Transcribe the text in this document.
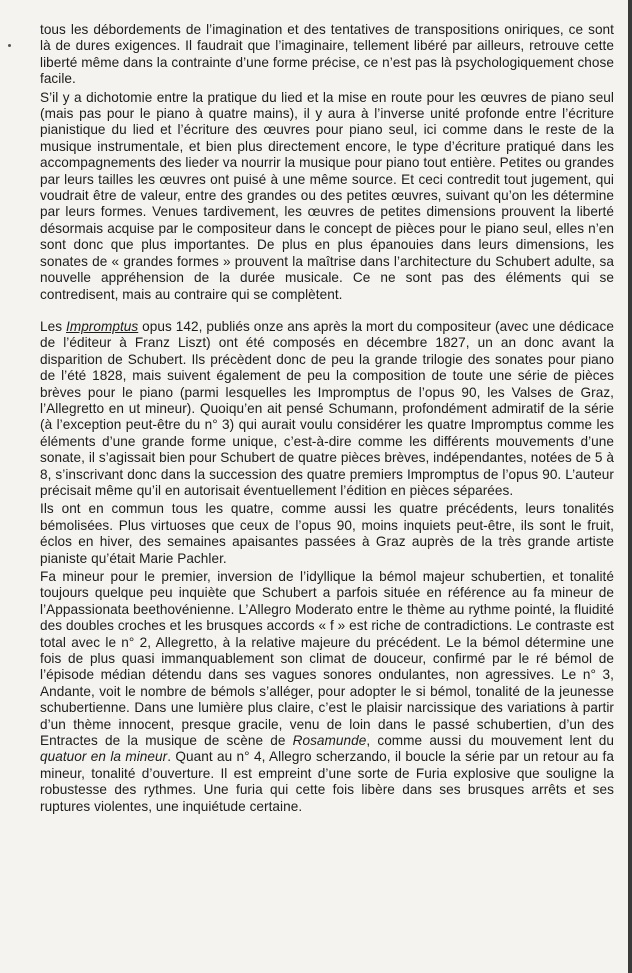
tous les débordements de l’imagination et des tentatives de transpositions oniriques, ce sont là de dures exigences. Il faudrait que l’imaginaire, tellement libéré par ailleurs, retrouve cette liberté même dans la contrainte d’une forme précise, ce n’est pas là psychologiquement chose facile.

S’il y a dichotomie entre la pratique du lied et la mise en route pour les œuvres de piano seul (mais pas pour le piano à quatre mains), il y aura à l’inverse unité profonde entre l’écriture pianistique du lied et l’écriture des œuvres pour piano seul, ici comme dans le reste de la musique instrumentale, et bien plus directement encore, le type d’écriture pratiqué dans les accompagnements des lieder va nourrir la musique pour piano tout entière. Petites ou grandes par leurs tailles les œuvres ont puisé à une même source. Et ceci contredit tout jugement, qui voudrait être de valeur, entre des grandes ou des petites œuvres, suivant qu’on les détermine par leurs formes. Venues tardivement, les œuvres de petites dimensions prouvent la liberté désormais acquise par le compositeur dans le concept de pièces pour le piano seul, elles n’en sont donc que plus importantes. De plus en plus épanouies dans leurs dimensions, les sonates de « grandes formes » prouvent la maîtrise dans l’architecture du Schubert adulte, sa nouvelle appréhension de la durée musicale. Ce ne sont pas des éléments qui se contredisent, mais au contraire qui se complètent.

Les Impromptus opus 142, publiés onze ans après la mort du compositeur (avec une dédicace de l’éditeur à Franz Liszt) ont été composés en décembre 1827, un an donc avant la disparition de Schubert. Ils précèdent donc de peu la grande trilogie des sonates pour piano de l’été 1828, mais suivent également de peu la composition de toute une série de pièces brèves pour le piano (parmi lesquelles les Impromptus de l’opus 90, les Valses de Graz, l’Allegretto en ut mineur). Quoiqu’en ait pensé Schumann, profondément admiratif de la série (à l’exception peut-être du n° 3) qui aurait voulu considérer les quatre Impromptus comme les éléments d’une grande forme unique, c’est-à-dire comme les différents mouvements d’une sonate, il s’agissait bien pour Schubert de quatre pièces brèves, indépendantes, notées de 5 à 8, s’inscrivant donc dans la succession des quatre premiers Impromptus de l’opus 90. L’auteur précisait même qu’il en autorisait éventuellement l’édition en pièces séparées.

Ils ont en commun tous les quatre, comme aussi les quatre précédents, leurs tonalités bémolisées. Plus virtuoses que ceux de l’opus 90, moins inquiets peut-être, ils sont le fruit, éclos en hiver, des semaines apaisantes passées à Graz auprès de la très grande artiste pianiste qu’était Marie Pachler.

Fa mineur pour le premier, inversion de l’idyllique la bémol majeur schubertien, et tonalité toujours quelque peu inquiète que Schubert a parfois située en référence au fa mineur de l’Appassionata beethovénienne. L’Allegro Moderato entre le thème au rythme pointé, la fluidité des doubles croches et les brusques accords « f » est riche de contradictions. Le contraste est total avec le n° 2, Allegretto, à la relative majeure du précédent. Le la bémol détermine une fois de plus quasi immanquablement son climat de douceur, confirmé par le ré bémol de l’épisode médian détendu dans ses vagues sonores ondulantes, non agressives. Le n° 3, Andante, voit le nombre de bémols s’alléger, pour adopter le si bémol, tonalité de la jeunesse schubertienne. Dans une lumière plus claire, c’est le plaisir narcissique des variations à partir d’un thème innocent, presque gracile, venu de loin dans le passé schubertien, d’un des Entractes de la musique de scène de Rosamunde, comme aussi du mouvement lent du quatuor en la mineur. Quant au n° 4, Allegro scherzando, il boucle la série par un retour au fa mineur, tonalité d’ouverture. Il est empreint d’une sorte de Furia explosive que souligne la robustesse des rythmes. Une furia qui cette fois libère dans ses brusques arrêts et ses ruptures violentes, une inquiétude certaine.
